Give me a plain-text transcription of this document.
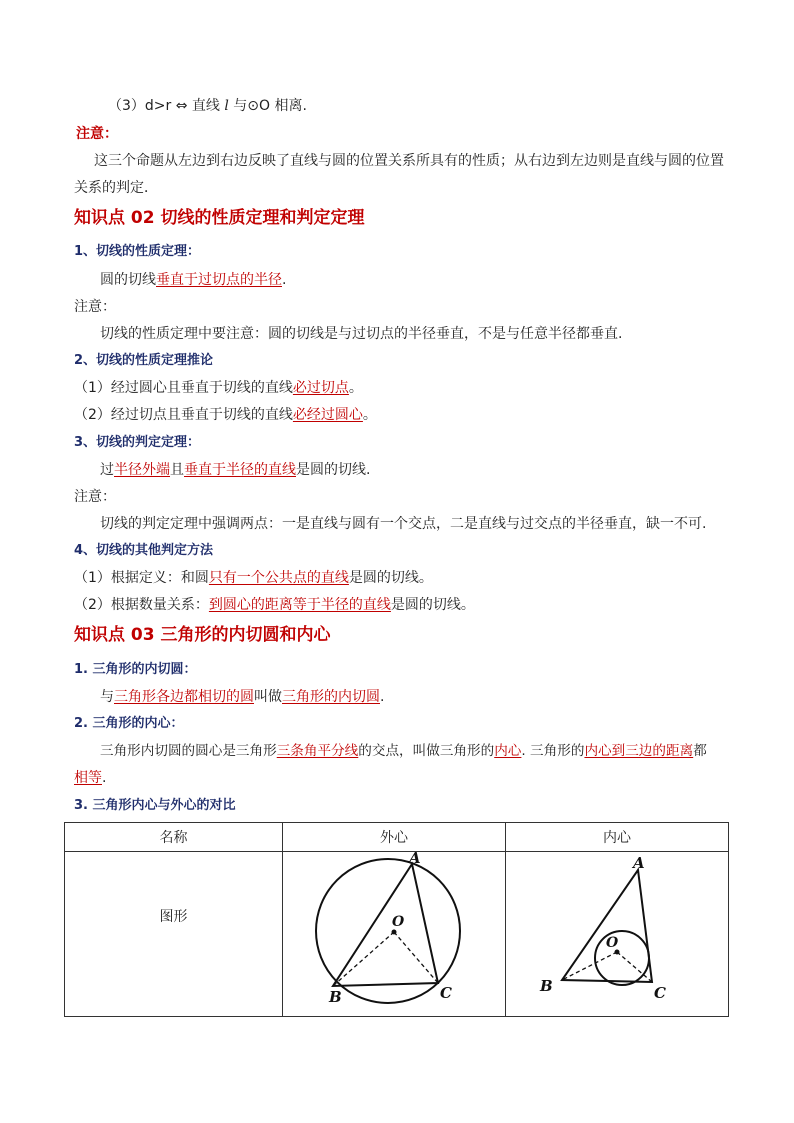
（3）d>r ⇔ 直线 l 与⊙O 相离.
注意：
这三个命题从左边到右边反映了直线与圆的位置关系所具有的性质；从右边到左边则是直线与圆的位置
关系的判定．
知识点 02 切线的性质定理和判定定理
1、切线的性质定理：
圆的切线垂直于过切点的半径.
注意：
切线的性质定理中要注意：圆的切线是与过切点的半径垂直，不是与任意半径都垂直.
2、切线的性质定理推论
（1）经过圆心且垂直于切线的直线必过切点。
（2）经过切点且垂直于切线的直线必经过圆心。
3、切线的判定定理：
过半径外端且垂直于半径的直线是圆的切线.
注意：
切线的判定定理中强调两点：一是直线与圆有一个交点，二是直线与过交点的半径垂直，缺一不可.
4、切线的其他判定方法
（1）根据定义：和圆只有一个公共点的直线是圆的切线。
（2）根据数量关系：到圆心的距离等于半径的直线是圆的切线。
知识点 03 三角形的内切圆和内心
1. 三角形的内切圆：
与三角形各边都相切的圆叫做三角形的内切圆.
2. 三角形的内心：
三角形内切圆的圆心是三角形三条角平分线的交点，叫做三角形的内心. 三角形的内心到三边的距离都
相等.
3. 三角形内心与外心的对比
名称	外心	内心

图形	A
O
B C	A
O
B C
